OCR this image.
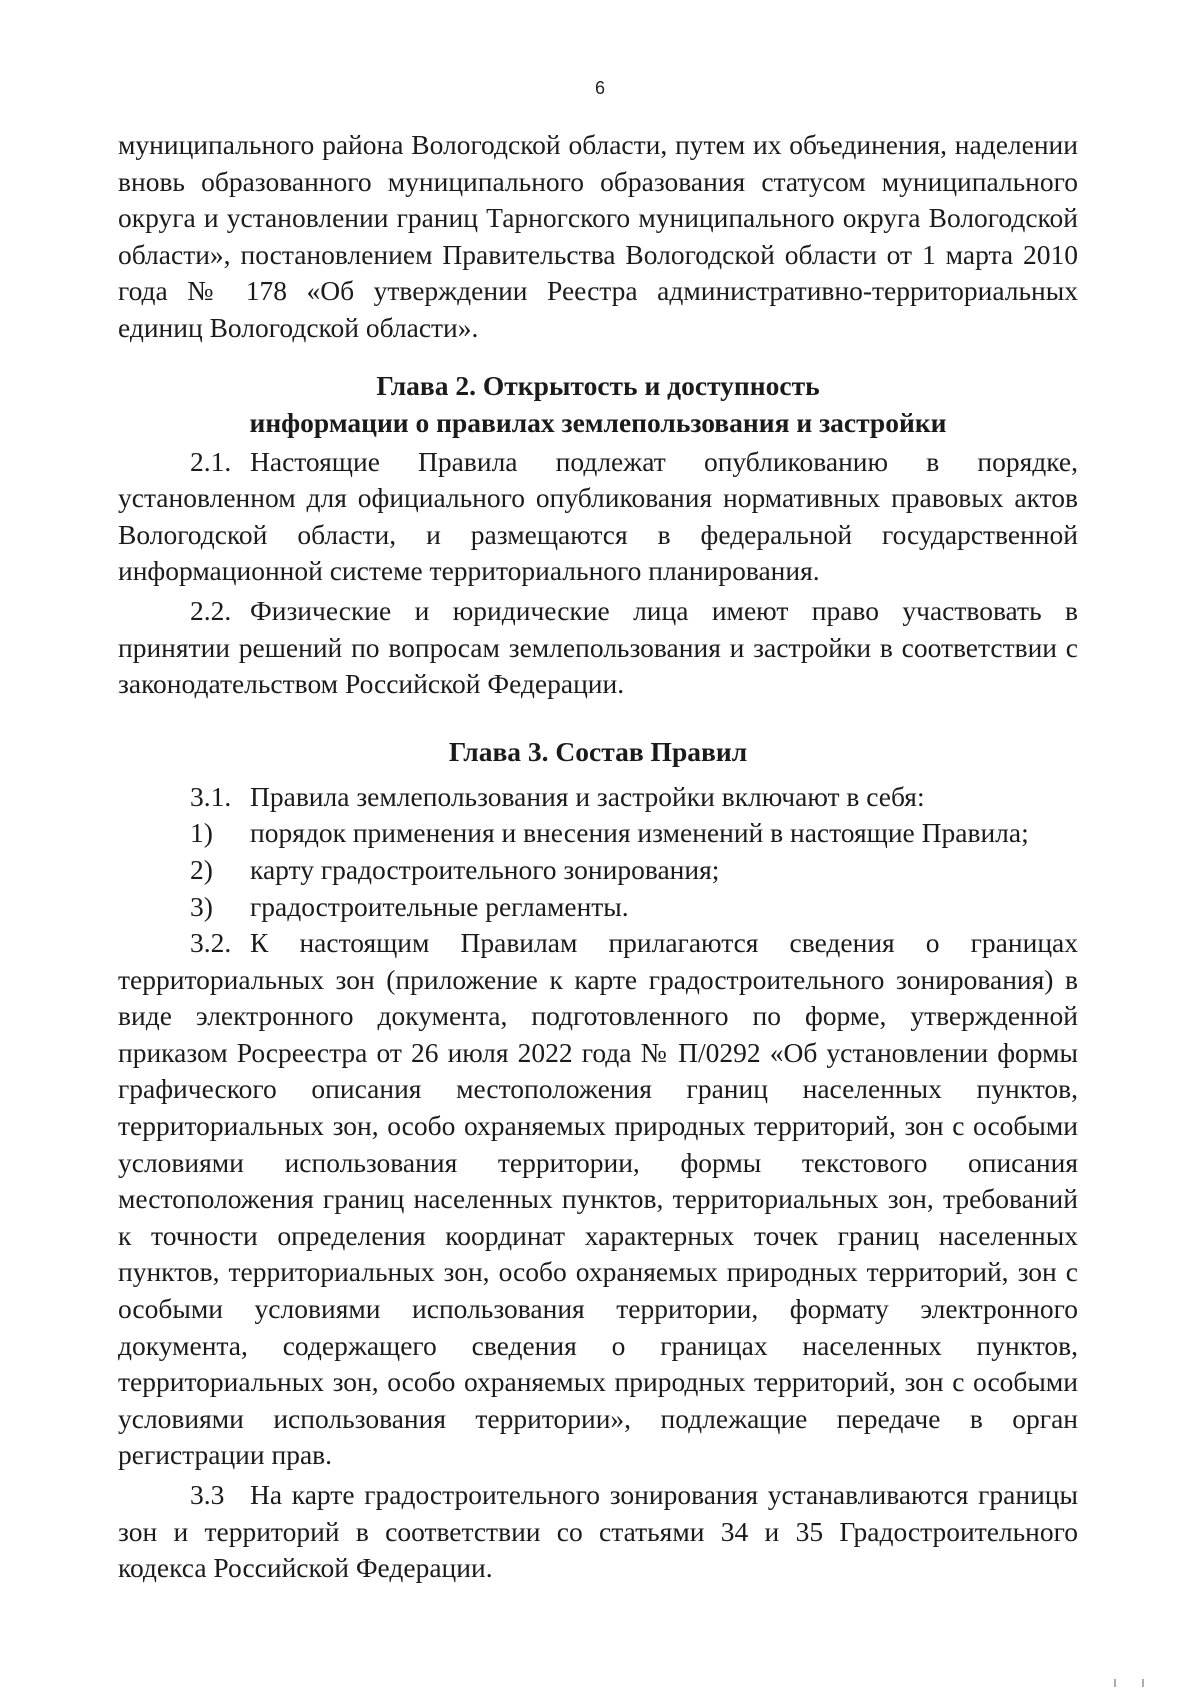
6

муниципального района Вологодской области, путем их объединения, наделении вновь образованного муниципального образования статусом муниципального округа и установлении границ Тарногского муниципального округа Вологодской области», постановлением Правительства Вологодской области от 1 марта 2010 года № 178 «Об утверждении Реестра административно-территориальных единиц Вологодской области».

Глава 2. Открытость и доступность
информации о правилах землепользования и застройки

2.1. Настоящие Правила подлежат опубликованию в порядке, установленном для официального опубликования нормативных правовых актов Вологодской области, и размещаются в федеральной государственной информационной системе территориального планирования.

2.2. Физические и юридические лица имеют право участвовать в принятии решений по вопросам землепользования и застройки в соответствии с законодательством Российской Федерации.

Глава 3. Состав Правил

3.1. Правила землепользования и застройки включают в себя:

1)	порядок применения и внесения изменений в настоящие Правила;
2)	карту градостроительного зонирования;
3)	градостроительные регламенты.

3.2. К настоящим Правилам прилагаются сведения о границах территориальных зон (приложение к карте градостроительного зонирования) в виде электронного документа, подготовленного по форме, утвержденной приказом Росреестра от 26 июля 2022 года № П/0292 «Об установлении формы графического описания местоположения границ населенных пунктов, территориальных зон, особо охраняемых природных территорий, зон с особыми условиями использования территории, формы текстового описания местоположения границ населенных пунктов, территориальных зон, требований к точности определения координат характерных точек границ населенных пунктов, территориальных зон, особо охраняемых природных территорий, зон с особыми условиями использования территории, формату электронного документа, содержащего сведения о границах населенных пунктов, территориальных зон, особо охраняемых природных территорий, зон с особыми условиями использования территории», подлежащие передаче в орган регистрации прав.

3.3 На карте градостроительного зонирования устанавливаются границы зон и территорий в соответствии со статьями 34 и 35 Градостроительного кодекса Российской Федерации.
